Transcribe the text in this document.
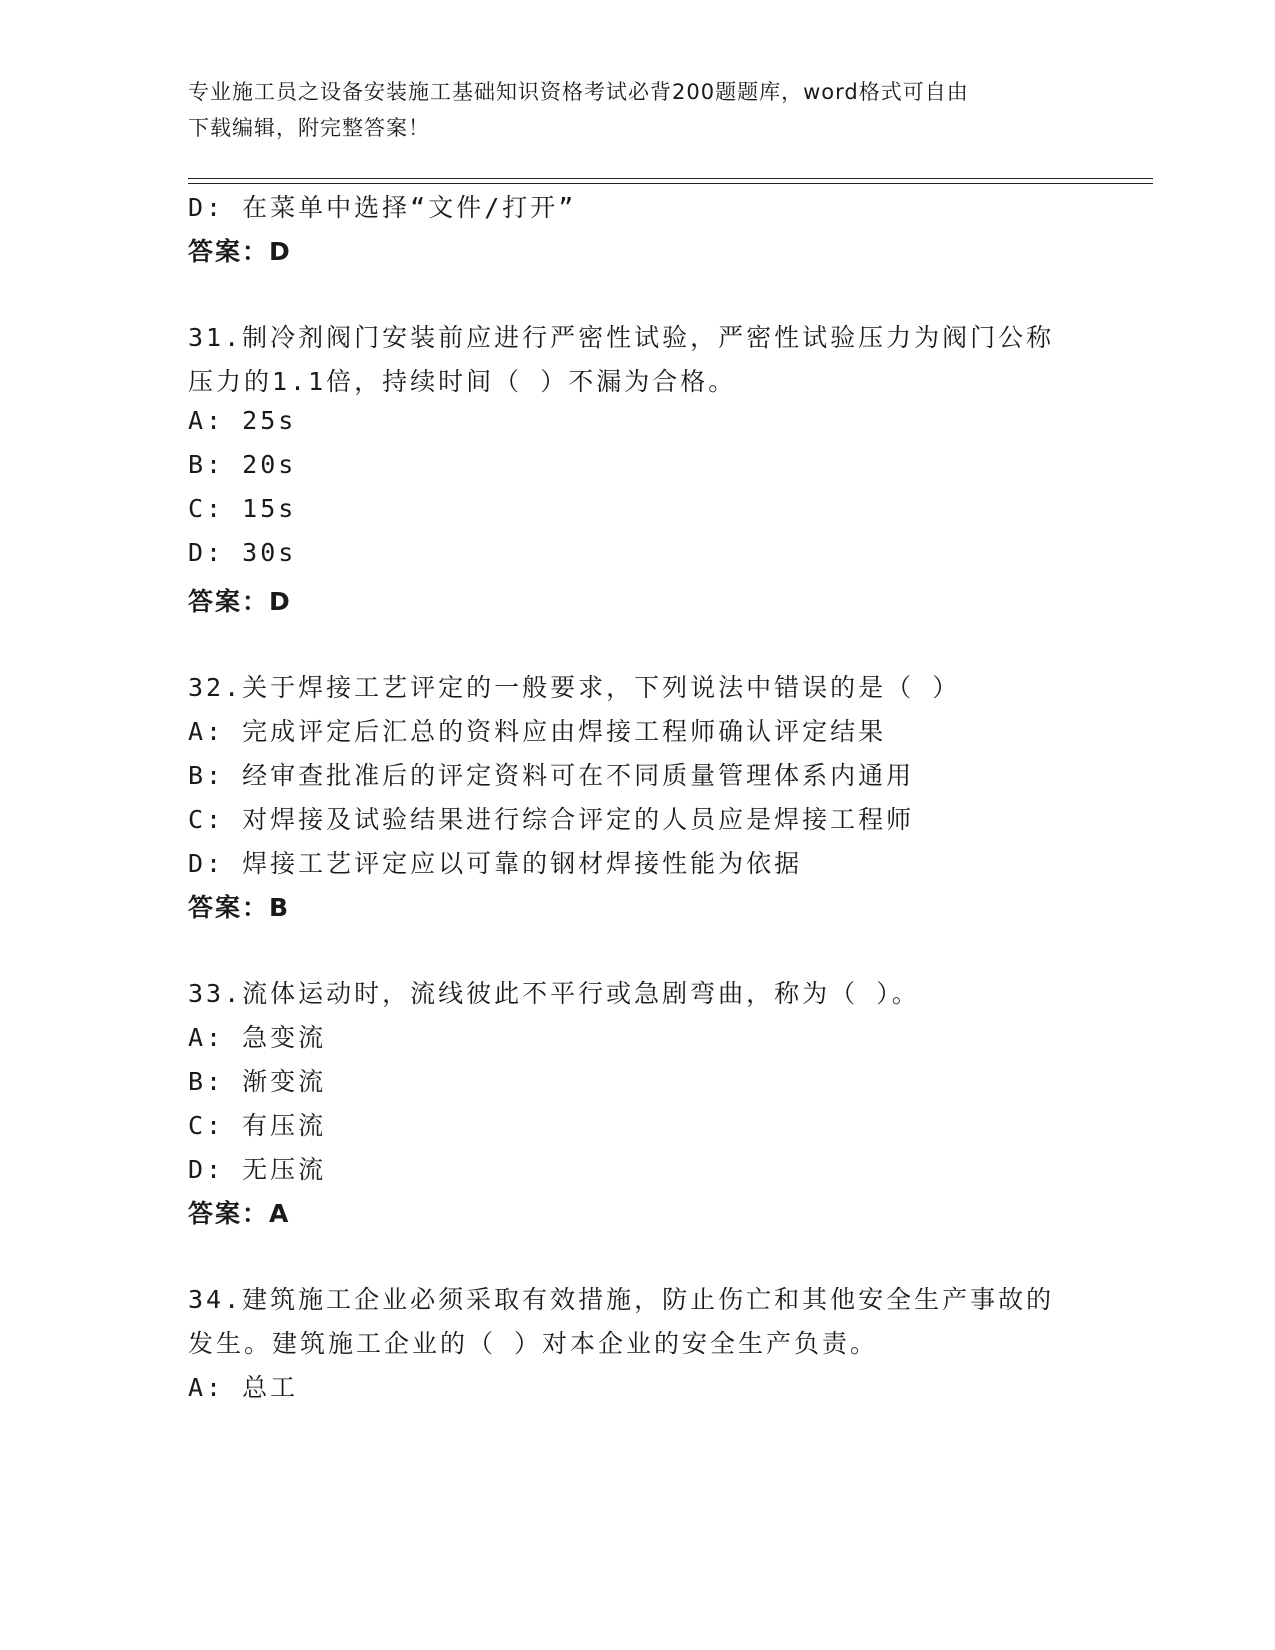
专业施工员之设备安装施工基础知识资格考试必背200题题库，word格式可自由
下载编辑，附完整答案！
D: 在菜单中选择“文件/打开”
答案：D
31.制冷剂阀门安装前应进行严密性试验，严密性试验压力为阀门公称
压力的1.1倍，持续时间（ ）不漏为合格。
A: 25s
B: 20s
C: 15s
D: 30s
答案：D
32.关于焊接工艺评定的一般要求，下列说法中错误的是（ ）
A: 完成评定后汇总的资料应由焊接工程师确认评定结果
B: 经审查批准后的评定资料可在不同质量管理体系内通用
C: 对焊接及试验结果进行综合评定的人员应是焊接工程师
D: 焊接工艺评定应以可靠的钢材焊接性能为依据
答案：B
33.流体运动时，流线彼此不平行或急剧弯曲，称为（ ）。
A: 急变流
B: 渐变流
C: 有压流
D: 无压流
答案：A
34.建筑施工企业必须采取有效措施，防止伤亡和其他安全生产事故的
发生。建筑施工企业的（ ）对本企业的安全生产负责。
A: 总工
